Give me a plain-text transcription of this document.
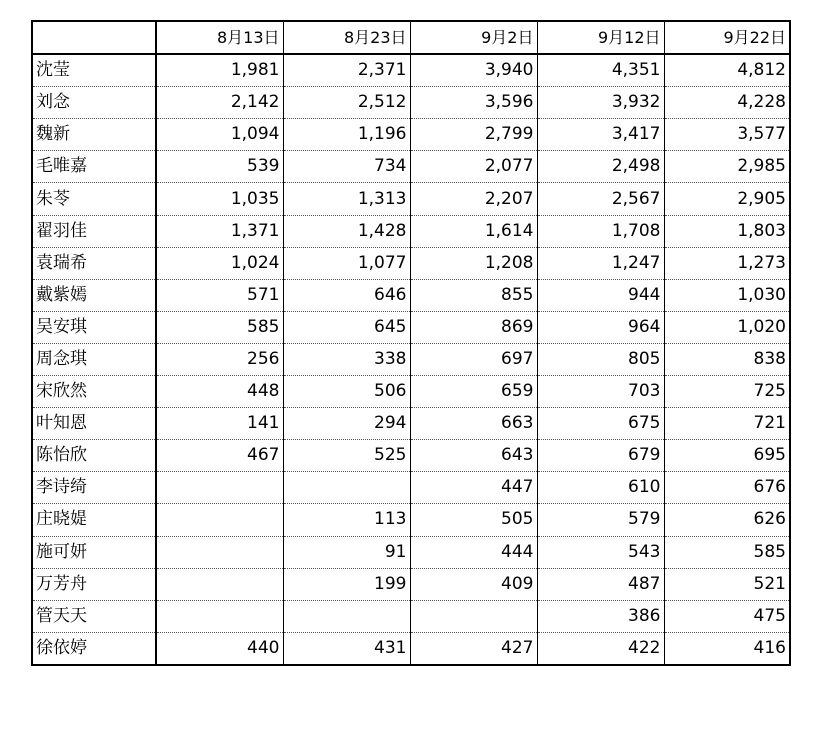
	8月13日	8月23日	9月2日	9月12日	9月22日
沈莹	1,981	2,371	3,940	4,351	4,812
刘念	2,142	2,512	3,596	3,932	4,228
魏新	1,094	1,196	2,799	3,417	3,577
毛唯嘉	539	734	2,077	2,498	2,985
朱苓	1,035	1,313	2,207	2,567	2,905
翟羽佳	1,371	1,428	1,614	1,708	1,803
袁瑞希	1,024	1,077	1,208	1,247	1,273
戴紫嫣	571	646	855	944	1,030
吴安琪	585	645	869	964	1,020
周念琪	256	338	697	805	838
宋欣然	448	506	659	703	725
叶知恩	141	294	663	675	721
陈怡欣	467	525	643	679	695
李诗绮			447	610	676
庄晓媞		113	505	579	626
施可妍		91	444	543	585
万芳舟		199	409	487	521
管天天				386	475
徐依婷	440	431	427	422	416
